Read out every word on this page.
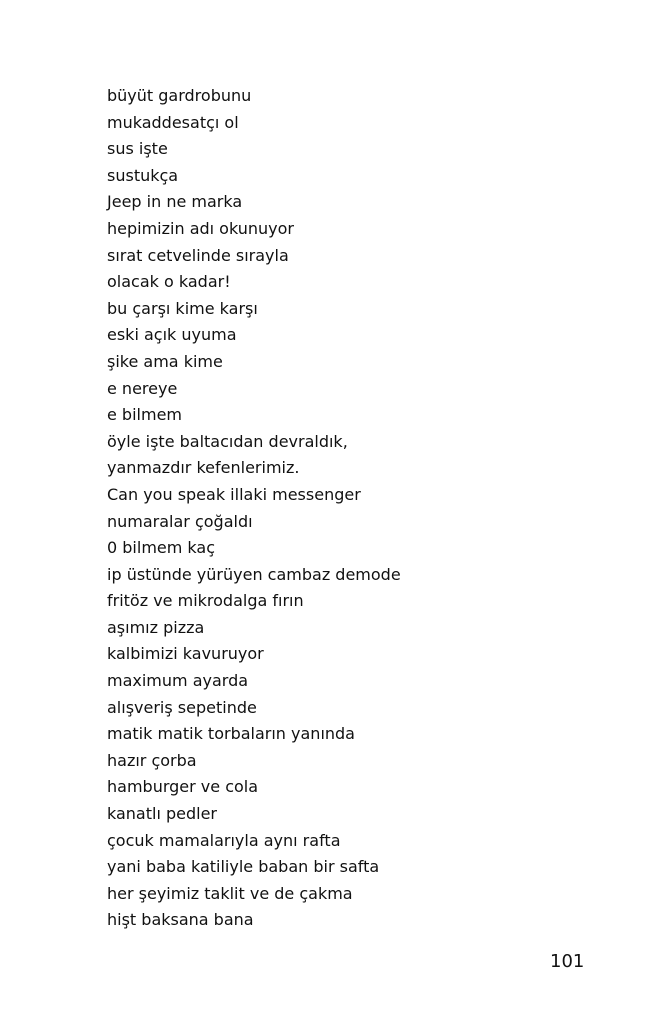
büyüt gardrobunu
mukaddesatçı ol
sus işte
sustukça
Jeep in ne marka
hepimizin adı okunuyor
sırat cetvelinde sırayla
olacak o kadar!
bu çarşı kime karşı
eski açık uyuma
şike ama kime
e nereye
e bilmem
öyle işte baltacıdan devraldık,
yanmazdır kefenlerimiz.
Can you speak illaki messenger
numaralar çoğaldı
0 bilmem kaç
ip üstünde yürüyen cambaz demode
fritöz ve mikrodalga fırın
aşımız pizza
kalbimizi kavuruyor
maximum ayarda
alışveriş sepetinde
matik matik torbaların yanında
hazır çorba
hamburger ve cola
kanatlı pedler
çocuk mamalarıyla aynı rafta
yani baba katiliyle baban bir safta
her şeyimiz taklit ve de çakma
hişt baksana bana
101
